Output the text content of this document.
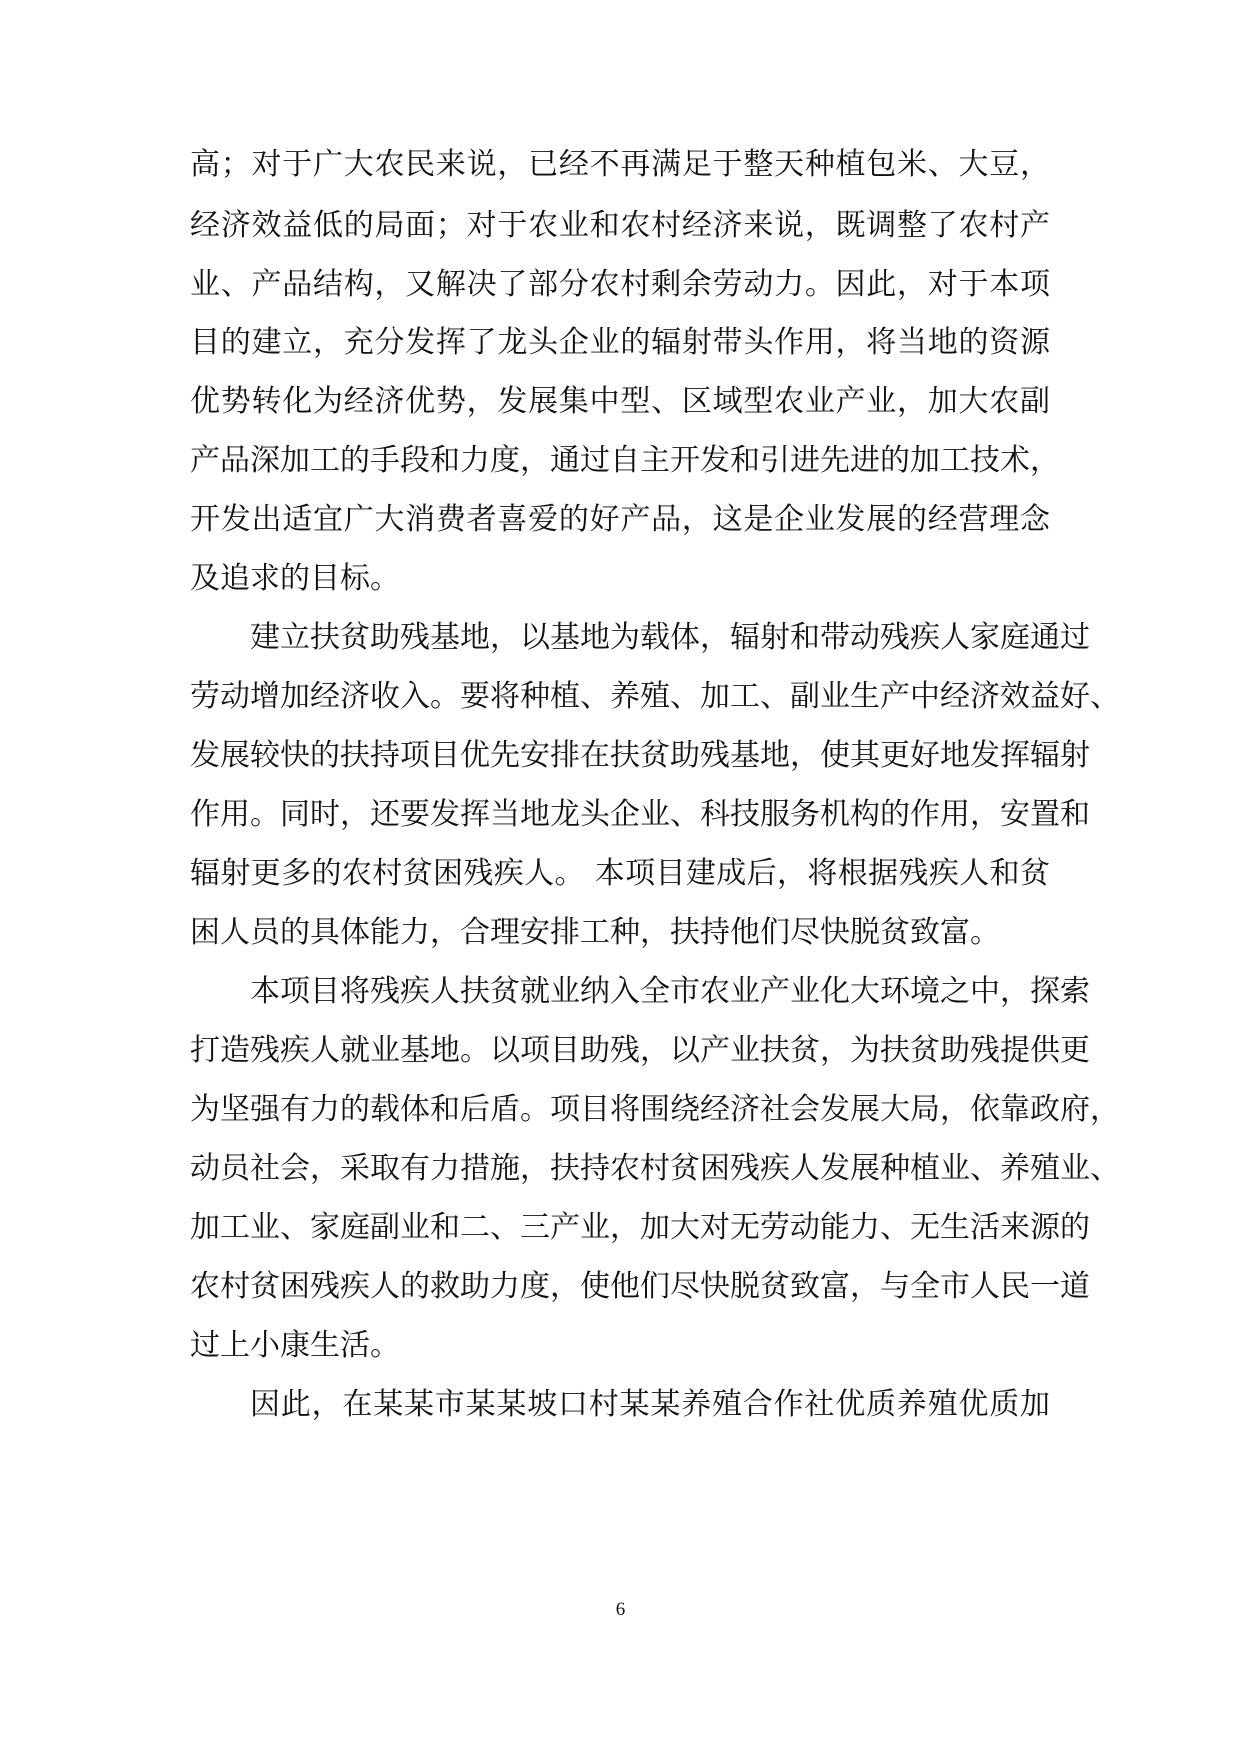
高；对于广大农民来说，已经不再满足于整天种植包米、大豆，
经济效益低的局面；对于农业和农村经济来说，既调整了农村产
业、产品结构，又解决了部分农村剩余劳动力。因此，对于本项
目的建立，充分发挥了龙头企业的辐射带头作用，将当地的资源
优势转化为经济优势，发展集中型、区域型农业产业，加大农副
产品深加工的手段和力度，通过自主开发和引进先进的加工技术，
开发出适宜广大消费者喜爱的好产品，这是企业发展的经营理念
及追求的目标。
建立扶贫助残基地，以基地为载体，辐射和带动残疾人家庭通过
劳动增加经济收入。要将种植、养殖、加工、副业生产中经济效益好、
发展较快的扶持项目优先安排在扶贫助残基地，使其更好地发挥辐射
作用。同时，还要发挥当地龙头企业、科技服务机构的作用，安置和
辐射更多的农村贫困残疾人。 本项目建成后，将根据残疾人和贫
困人员的具体能力，合理安排工种，扶持他们尽快脱贫致富。
本项目将残疾人扶贫就业纳入全市农业产业化大环境之中，探索
打造残疾人就业基地。以项目助残，以产业扶贫，为扶贫助残提供更
为坚强有力的载体和后盾。项目将围绕经济社会发展大局，依靠政府，
动员社会，采取有力措施，扶持农村贫困残疾人发展种植业、养殖业、
加工业、家庭副业和二、三产业，加大对无劳动能力、无生活来源的
农村贫困残疾人的救助力度，使他们尽快脱贫致富，与全市人民一道
过上小康生活。
因此，在某某市某某坡口村某某养殖合作社优质养殖优质加
6
